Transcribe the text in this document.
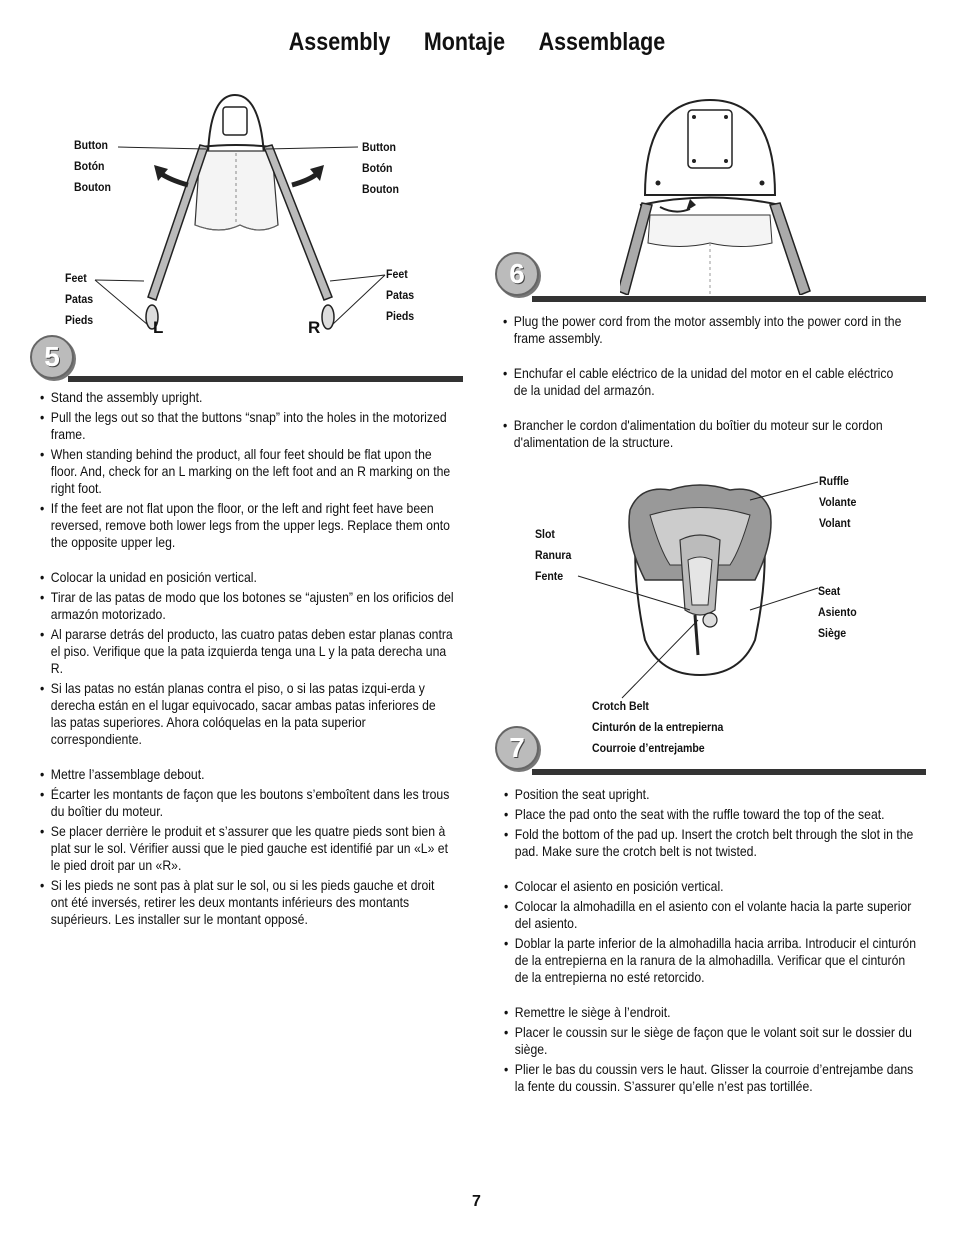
Assembly Montaje Assemblage
Button
Botón
Bouton
Button
Botón
Bouton
Feet
Patas
Pieds
Feet
Patas
Pieds
L	R
5
• Stand the assembly upright.
• Pull the legs out so that the buttons “snap” into the holes in the motorized frame.
• When standing behind the product, all four feet should be flat upon the floor. And, check for an L marking on the left foot and an R marking on the right foot.
• If the feet are not flat upon the floor, or the left and right feet have been reversed, remove both lower legs from the upper legs. Replace them onto the opposite upper leg.
• Colocar la unidad en posición vertical.
• Tirar de las patas de modo que los botones se “ajusten” en los orificios del armazón motorizado.
• Al pararse detrás del producto, las cuatro patas deben estar planas contra el piso. Verifique que la pata izquierda tenga una L y la pata derecha una R.
• Si las patas no están planas contra el piso, o si las patas izqui-erda y derecha están en el lugar equivocado, sacar ambas patas inferiores de las patas superiores. Ahora colóquelas en la pata superior correspondiente.
• Mettre l’assemblage debout.
• Écarter les montants de façon que les boutons s’emboîtent dans les trous du boîtier du moteur.
• Se placer derrière le produit et s’assurer que les quatre pieds sont bien à plat sur le sol. Vérifier aussi que le pied gauche est identifié par un «L» et le pied droit par un «R».
• Si les pieds ne sont pas à plat sur le sol, ou si les pieds gauche et droit ont été inversés, retirer les deux montants inférieurs des montants supérieurs. Les installer sur le montant opposé.
6
• Plug the power cord from the motor assembly into the power cord in the frame assembly.
• Enchufar el cable eléctrico de la unidad del motor en el cable eléctrico de la unidad del armazón.
• Brancher le cordon d'alimentation du boîtier du moteur sur le cordon d'alimentation de la structure.
Ruffle
Volante
Volant
Slot
Ranura
Fente
Seat
Asiento
Siège
Crotch Belt
Cinturón de la entrepierna
Courroie d’entrejambe
7
• Position the seat upright.
• Place the pad onto the seat with the ruffle toward the top of the seat.
• Fold the bottom of the pad up. Insert the crotch belt through the slot in the pad. Make sure the crotch belt is not twisted.
• Colocar el asiento en posición vertical.
• Colocar la almohadilla en el asiento con el volante hacia la parte superior del asiento.
• Doblar la parte inferior de la almohadilla hacia arriba. Introducir el cinturón de la entrepierna en la ranura de la almohadilla. Verificar que el cinturón de la entrepierna no esté retorcido.
• Remettre le siège à l’endroit.
• Placer le coussin sur le siège de façon que le volant soit sur le dossier du siège.
• Plier le bas du coussin vers le haut. Glisser la courroie d’entrejambe dans la fente du coussin. S’assurer qu’elle n’est pas tortillée.
7
